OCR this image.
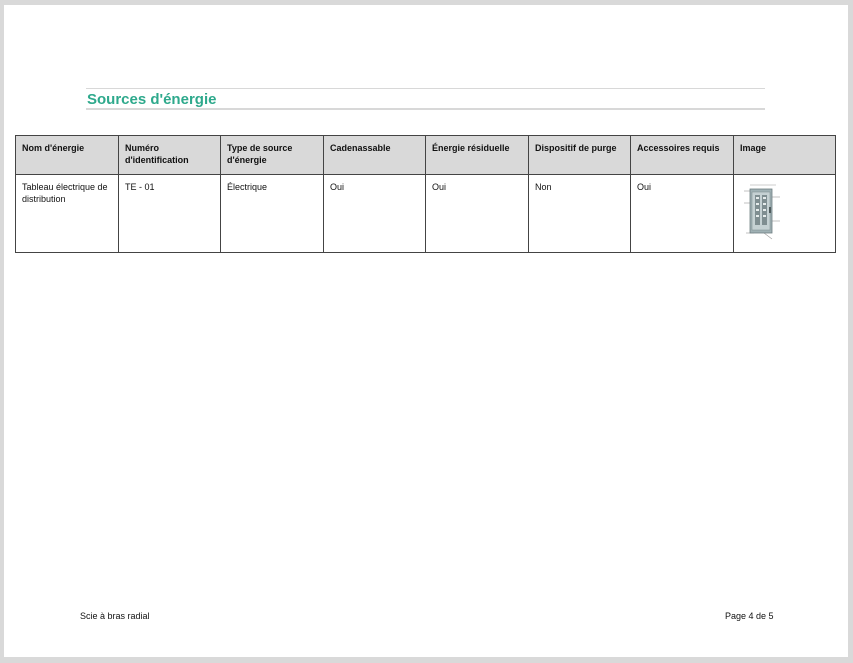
Sources d'énergie
Nom d'énergie	Numéro d'identification	Type de source d'énergie	Cadenassable	Énergie résiduelle	Dispositif de purge	Accessoires requis	Image
Tableau électrique de distribution	TE - 01	Électrique	Oui	Oui	Non	Oui	
Scie à bras radial	Page 4 de 5
